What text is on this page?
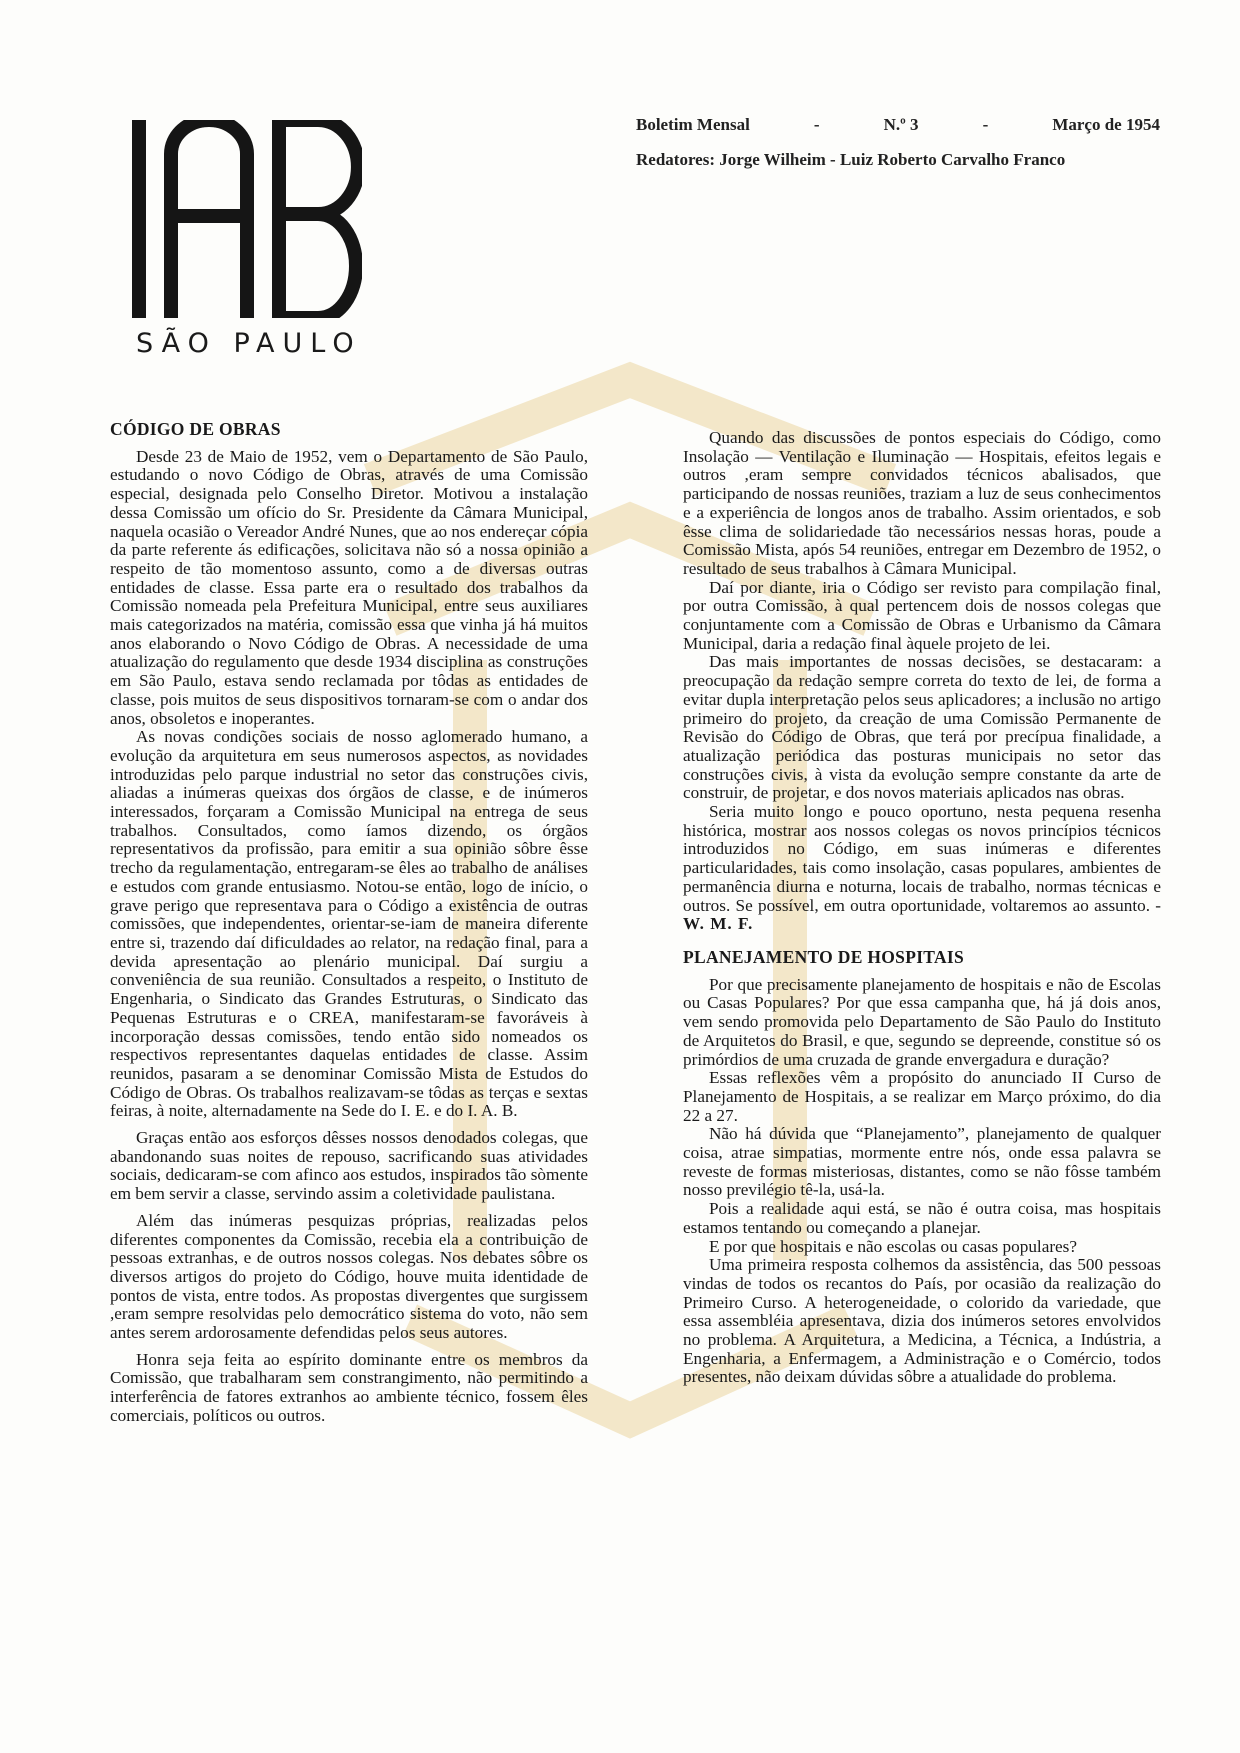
SÃO PAULO
Boletim Mensal	-	N.º 3	-	Março de 1954
Redatores: Jorge Wilheim - Luiz Roberto Carvalho Franco
CÓDIGO DE OBRAS

Desde 23 de Maio de 1952, vem o Departamento de São Paulo, estudando o novo Código de Obras, através de uma Comissão especial, designada pelo Conselho Diretor. Motivou a instalação dessa Comissão um ofício do Sr. Presidente da Câmara Municipal, naquela ocasião o Vereador André Nunes, que ao nos endereçar cópia da parte referente ás edificações, solicitava não só a nossa opinião a respeito de tão momentoso assunto, como a de diversas outras entidades de classe. Essa parte era o resultado dos trabalhos da Comissão nomeada pela Prefeitura Municipal, entre seus auxiliares mais categorizados na matéria, comissão essa que vinha já há muitos anos elaborando o Novo Código de Obras. A necessidade de uma atualização do regulamento que desde 1934 disciplina as construções em São Paulo, estava sendo reclamada por tôdas as entidades de classe, pois muitos de seus dispositivos tornaram-se com o andar dos anos, obsoletos e inoperantes.

As novas condições sociais de nosso aglomerado humano, a evolução da arquitetura em seus numerosos aspectos, as novidades introduzidas pelo parque industrial no setor das construções civis, aliadas a inúmeras queixas dos órgãos de classe, e de inúmeros interessados, forçaram a Comissão Municipal na entrega de seus trabalhos. Consultados, como íamos dizendo, os órgãos representativos da profissão, para emitir a sua opinião sôbre êsse trecho da regulamentação, entregaram-se êles ao trabalho de análises e estudos com grande entusiasmo. Notou-se então, logo de início, o grave perigo que representava para o Código a existência de outras comissões, que independentes, orientar-se-iam de maneira diferente entre si, trazendo daí dificuldades ao relator, na redação final, para a devida apresentação ao plenário municipal. Daí surgiu a conveniência de sua reunião. Consultados a respeito, o Instituto de Engenharia, o Sindicato das Grandes Estruturas, o Sindicato das Pequenas Estruturas e o CREA, manifestaram-se favoráveis à incorporação dessas comissões, tendo então sido nomeados os respectivos representantes daquelas entidades de classe. Assim reunidos, pasaram a se denominar Comissão Mista de Estudos do Código de Obras. Os trabalhos realizavam-se tôdas as terças e sextas feiras, à noite, alternadamente na Sede do I. E. e do I. A. B.

Graças então aos esforços dêsses nossos denodados colegas, que abandonando suas noites de repouso, sacrificando suas atividades sociais, dedicaram-se com afinco aos estudos, inspirados tão sòmente em bem servir a classe, servindo assim a coletividade paulistana.

Além das inúmeras pesquizas próprias, realizadas pelos diferentes componentes da Comissão, recebia ela a contribuição de pessoas extranhas, e de outros nossos colegas. Nos debates sôbre os diversos artigos do projeto do Código, houve muita identidade de pontos de vista, entre todos. As propostas divergentes que surgissem ,eram sempre resolvidas pelo democrático sistema do voto, não sem antes serem ardorosamente defendidas pelos seus autores.

Honra seja feita ao espírito dominante entre os membros da Comissão, que trabalharam sem constrangimento, não permitindo a interferência de fatores extranhos ao ambiente técnico, fossem êles comerciais, políticos ou outros.

Quando das discussões de pontos especiais do Código, como Insolação — Ventilação e Iluminação — Hospitais, efeitos legais e outros ,eram sempre convidados técnicos abalisados, que participando de nossas reuniões, traziam a luz de seus conhecimentos e a experiência de longos anos de trabalho. Assim orientados, e sob êsse clima de solidariedade tão necessários nessas horas, poude a Comissão Mista, após 54 reuniões, entregar em Dezembro de 1952, o resultado de seus trabalhos à Câmara Municipal.

Daí por diante, iria o Código ser revisto para compilação final, por outra Comissão, à qual pertencem dois de nossos colegas que conjuntamente com a Comissão de Obras e Urbanismo da Câmara Municipal, daria a redação final àquele projeto de lei.

Das mais importantes de nossas decisões, se destacaram: a preocupação da redação sempre correta do texto de lei, de forma a evitar dupla interpretação pelos seus aplicadores; a inclusão no artigo primeiro do projeto, da creação de uma Comissão Permanente de Revisão do Código de Obras, que terá por precípua finalidade, a atualização periódica das posturas municipais no setor das construções civis, à vista da evolução sempre constante da arte de construir, de projetar, e dos novos materiais aplicados nas obras.

Seria muito longo e pouco oportuno, nesta pequena resenha histórica, mostrar aos nossos colegas os novos princípios técnicos introduzidos no Código, em suas inúmeras e diferentes particularidades, tais como insolação, casas populares, ambientes de permanência diurna e noturna, locais de trabalho, normas técnicas e outros. Se possível, em outra oportunidade, voltaremos ao assunto. - W. M. F.

PLANEJAMENTO DE HOSPITAIS

Por que precisamente planejamento de hospitais e não de Escolas ou Casas Populares? Por que essa campanha que, há já dois anos, vem sendo promovida pelo Departamento de São Paulo do Instituto de Arquitetos do Brasil, e que, segundo se depreende, constitue só os primórdios de uma cruzada de grande envergadura e duração?

Essas reflexões vêm a propósito do anunciado II Curso de Planejamento de Hospitais, a se realizar em Março próximo, do dia 22 a 27.

Não há dúvida que “Planejamento”, planejamento de qualquer coisa, atrae simpatias, mormente entre nós, onde essa palavra se reveste de formas misteriosas, distantes, como se não fôsse também nosso previlégio tê-la, usá-la.

Pois a realidade aqui está, se não é outra coisa, mas hospitais estamos tentando ou começando a planejar.

E por que hospitais e não escolas ou casas populares?

Uma primeira resposta colhemos da assistência, das 500 pessoas vindas de todos os recantos do País, por ocasião da realização do Primeiro Curso. A heterogeneidade, o colorido da variedade, que essa assembléia apresentava, dizia dos inúmeros setores envolvidos no problema. A Arquitetura, a Medicina, a Técnica, a Indústria, a Engenharia, a Enfermagem, a Administração e o Comércio, todos presentes, não deixam dúvidas sôbre a atualidade do problema.
